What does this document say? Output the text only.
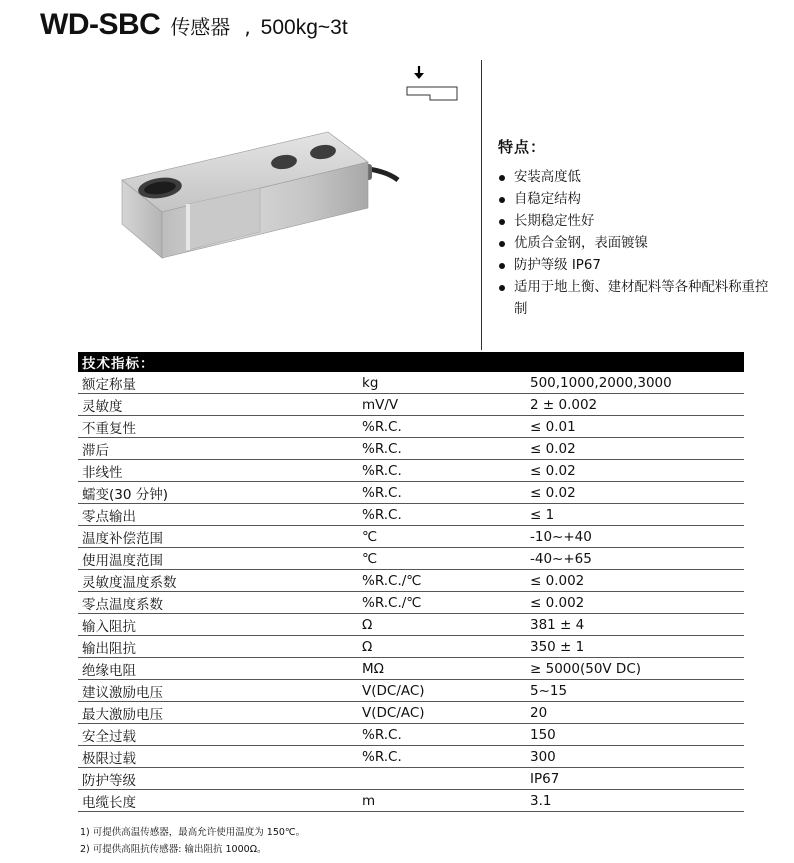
WD-SBC 传感器 , 500kg~3t
特点：
安装高度低
自稳定结构
长期稳定性好
优质合金钢，表面镀镍
防护等级 IP67
适用于地上衡、建材配料等各种配料称重控制
技术指标：		
额定称量	kg	500,1000,2000,3000
灵敏度	mV/V	2 ± 0.002
不重复性	%R.C.	≤ 0.01
滞后	%R.C.	≤ 0.02
非线性	%R.C.	≤ 0.02
蠕变(30 分钟)	%R.C.	≤ 0.02
零点输出	%R.C.	≤ 1
温度补偿范围	℃	-10~+40
使用温度范围	℃	-40~+65
灵敏度温度系数	%R.C./℃	≤ 0.002
零点温度系数	%R.C./℃	≤ 0.002
输入阻抗	Ω	381 ± 4
输出阻抗	Ω	350 ± 1
绝缘电阻	MΩ	≥ 5000(50V DC)
建议激励电压	V(DC/AC)	5~15
最大激励电压	V(DC/AC)	20
安全过载	%R.C.	150
极限过载	%R.C.	300
防护等级		IP67
电缆长度	m	3.1
1) 可提供高温传感器，最高允许使用温度为 150℃。
2) 可提供高阻抗传感器: 输出阻抗 1000Ω。
